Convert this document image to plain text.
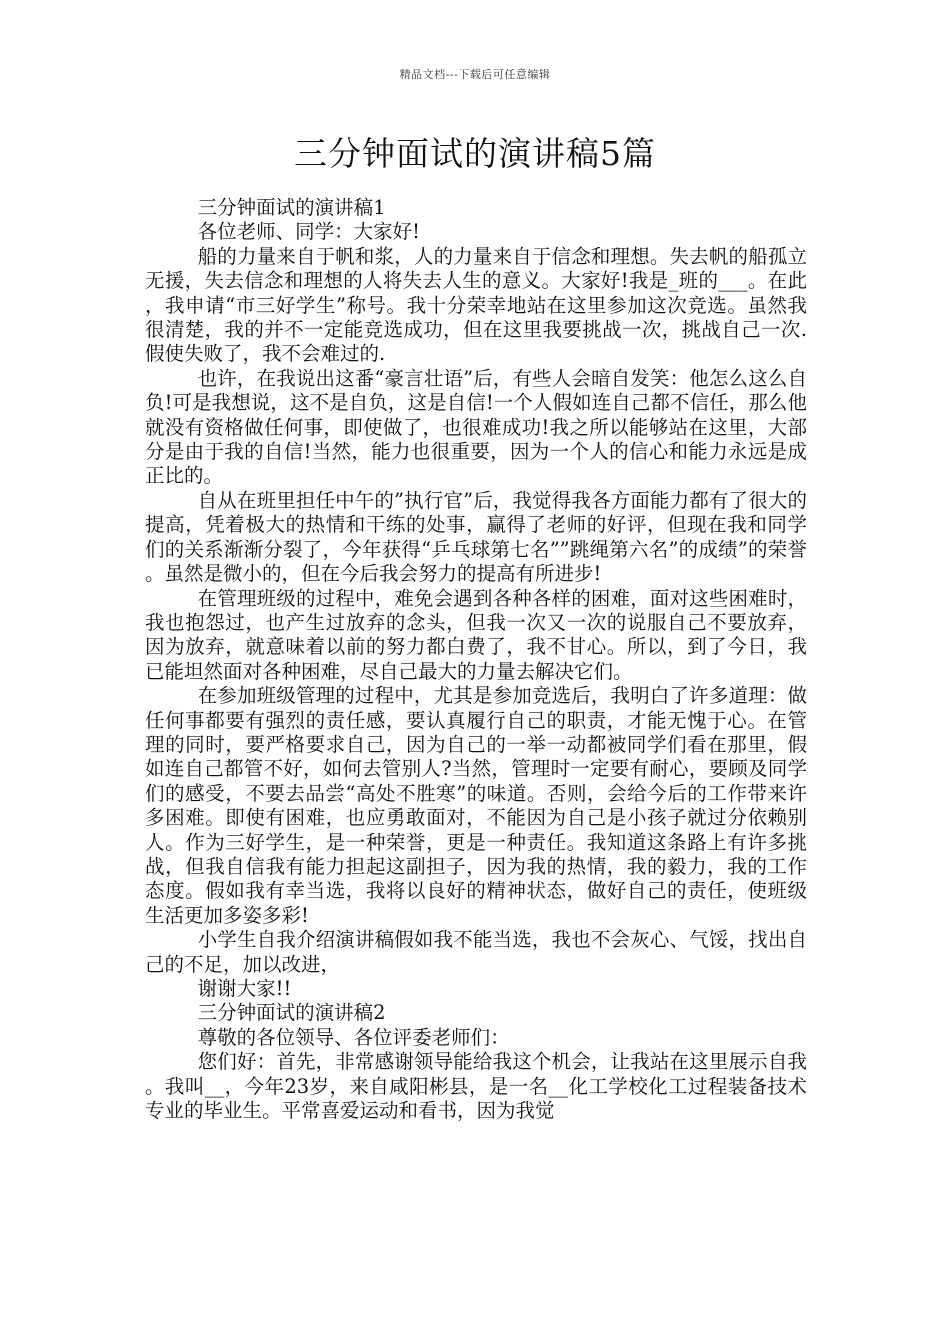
精品文档---下载后可任意编辑
三分钟面试的演讲稿5篇

三分钟面试的演讲稿1

各位老师、同学：大家好!

船的力量来自于帆和浆，人的力量来自于信念和理想。失去帆的船孤立无援，失去信念和理想的人将失去人生的意义。大家好!我是_班的___。在此，我申请“市三好学生”称号。我十分荣幸地站在这里参加这次竞选。虽然我很清楚，我的并不一定能竞选成功，但在这里我要挑战一次，挑战自己一次.假使失败了，我不会难过的.

也许，在我说出这番“豪言壮语”后，有些人会暗自发笑：他怎么这么自负!可是我想说，这不是自负，这是自信!一个人假如连自己都不信任，那么他就没有资格做任何事，即使做了，也很难成功!我之所以能够站在这里，大部分是由于我的自信!当然，能力也很重要，因为一个人的信心和能力永远是成正比的。

自从在班里担任中午的”执行官”后，我觉得我各方面能力都有了很大的提高，凭着极大的热情和干练的处事，赢得了老师的好评，但现在我和同学们的关系渐渐分裂了，今年获得“乒乓球第七名””跳绳第六名”的成绩”的荣誉。虽然是微小的，但在今后我会努力的提高有所进步!

在管理班级的过程中，难免会遇到各种各样的困难，面对这些困难时，我也抱怨过，也产生过放弃的念头，但我一次又一次的说服自己不要放弃，因为放弃，就意味着以前的努力都白费了，我不甘心。所以，到了今日，我已能坦然面对各种困难，尽自己最大的力量去解决它们。

在参加班级管理的过程中，尤其是参加竞选后，我明白了许多道理：做任何事都要有强烈的责任感，要认真履行自己的职责，才能无愧于心。在管理的同时，要严格要求自己，因为自己的一举一动都被同学们看在那里，假如连自己都管不好，如何去管别人?当然，管理时一定要有耐心，要顾及同学们的感受，不要去品尝“高处不胜寒”的味道。否则，会给今后的工作带来许多困难。即使有困难，也应勇敢面对，不能因为自己是小孩子就过分依赖别人。作为三好学生，是一种荣誉，更是一种责任。我知道这条路上有许多挑战，但我自信我有能力担起这副担子，因为我的热情，我的毅力，我的工作态度。假如我有幸当选，我将以良好的精神状态，做好自己的责任，使班级生活更加多姿多彩!

小学生自我介绍演讲稿假如我不能当选，我也不会灰心、气馁，找出自己的不足，加以改进，

谢谢大家!!

三分钟面试的演讲稿2

尊敬的各位领导、各位评委老师们：

您们好：首先，非常感谢领导能给我这个机会，让我站在这里展示自我。我叫__，今年23岁，来自咸阳彬县，是一名__化工学校化工过程装备技术专业的毕业生。平常喜爱运动和看书，因为我觉
